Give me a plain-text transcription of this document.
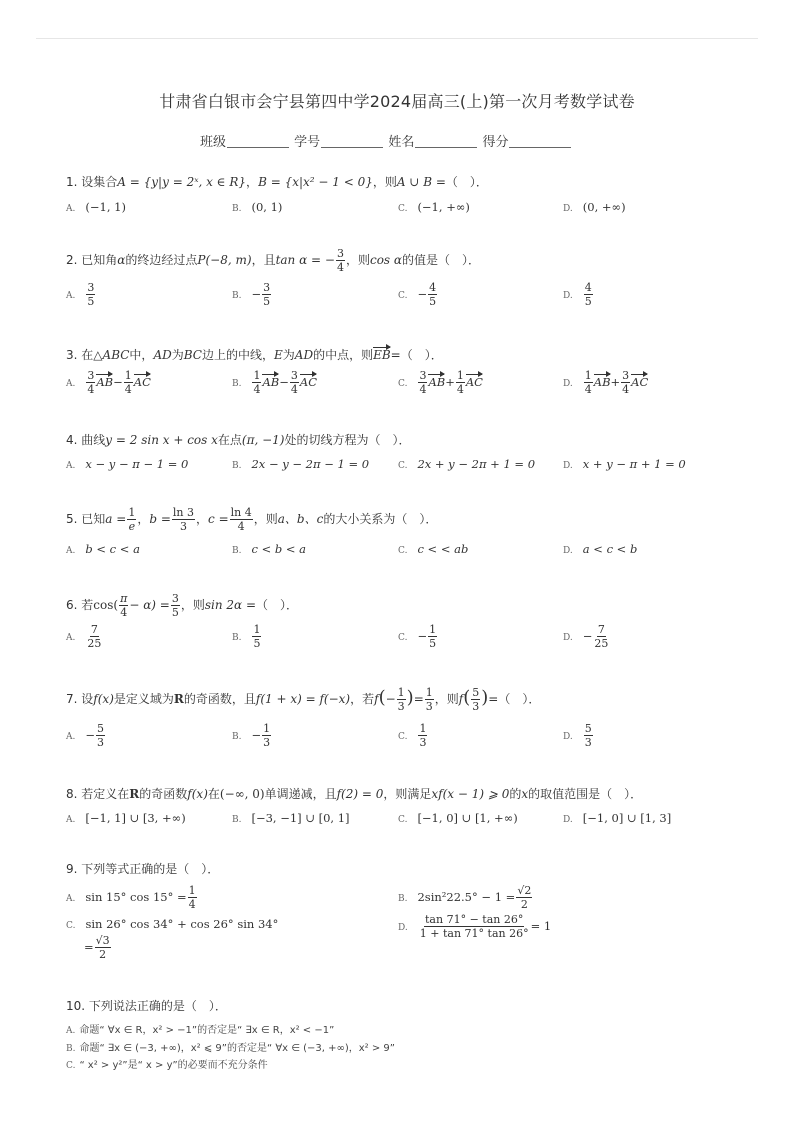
甘肃省白银市会宁县第四中学2024届高三(上)第一次月考数学试卷
班级	学号	姓名	得分
1. 设集合A = {y|y = 2ˣ, x ∈ R}，B = {x|x² − 1 < 0}，则A ∪ B =（　）．
A. (−1, 1)	B. (0, 1)	C. (−1, +∞)	D. (0, +∞)
2. 已知角α的终边经过点P(−8, m)，且tan α = − $\frac{3}{4}$ ，则cos α的值是（　）．
A. $\frac{3}{5}$	B. − $\frac{3}{5}$	C. − $\frac{4}{5}$	D. $\frac{4}{5}$
3. 在△ABC中，AD为BC边上的中线，E为AD的中点，则EB=（　）．
A. $\frac{3}{4} AB- \frac{1}{4}$ AC	B. $\frac{1}{4} AB- \frac{3}{4}$ AC	C. $\frac{3}{4} AB+ \frac{1}{4}$ AC	D. $\frac{1}{4} AB+ \frac{3}{4}$ AC
4. 曲线y = 2 sin x + cos x在点(π, −1)处的切线方程为（　）．
A. x − y − π − 1 = 0	B. 2x − y − 2π − 1 = 0	C. 2x + y − 2π + 1 = 0	D. x + y − π + 1 = 0
5. 已知$a = \frac{1}{e}$ ，$b = \frac{\ln 3}{3}$ ，$c = \frac{\ln 4}{4}$ ，则a、b、c的大小关系为（　）．
A. b < c < a	B. c < b < a	C. c < < ab	D. a < c < b
6. 若$\cos( \frac{\pi}{4} - \alpha) = \frac{3}{5}$ ，则sin 2α =（　）．
A. $\frac{7}{25}$	B. $\frac{1}{5}$	C. − $\frac{1}{5}$	D. − $\frac{7}{25}$
7. 设f(x)是定义域为R的奇函数，且f(1 + x) = f(−x)，若$f(- \frac{1}{3}$ )= $\frac{1}{3}$ ，则$f( \frac{5}{3}$ )=（　）．
A. − $\frac{5}{3}$	B. − $\frac{1}{3}$	C. $\frac{1}{3}$	D. $\frac{5}{3}$
8. 若定义在R的奇函数f(x)在(−∞, 0)单调递减，且f(2) = 0，则满足xf(x − 1) ⩾ 0的x的取值范围是（　）．
A. [−1, 1] ∪ [3, +∞)	B. [−3, −1] ∪ [0, 1]	C. [−1, 0] ∪ [1, +∞)	D. [−1, 0] ∪ [1, 3]
9. 下列等式正确的是（　）．
A. sin 15° $\cos 15^\circ = \frac{1}{4}$	B. $2\sin^222.5^\circ - 1 = \frac{√2}{2}$
C. sin 26° cos 34° + cos 26° sin 34°
= $\frac{√3}{2}$
D. $\frac{\tan 71^\circ - \tan 26^\circ}{1 + \tan 71^\circ \tan 26^\circ} = 1$
10. 下列说法正确的是（　）．
A. 命题“ ∀x ∈ R，x² > −1”的否定是“ ∃x ∈ R，x² < −1”
B. 命题“ ∃x ∈ (−3, +∞)，x² ⩽ 9”的否定是“ ∀x ∈ (−3, +∞)，x² > 9”
C. “ x² > y²”是“ x > y”的必要而不充分条件
